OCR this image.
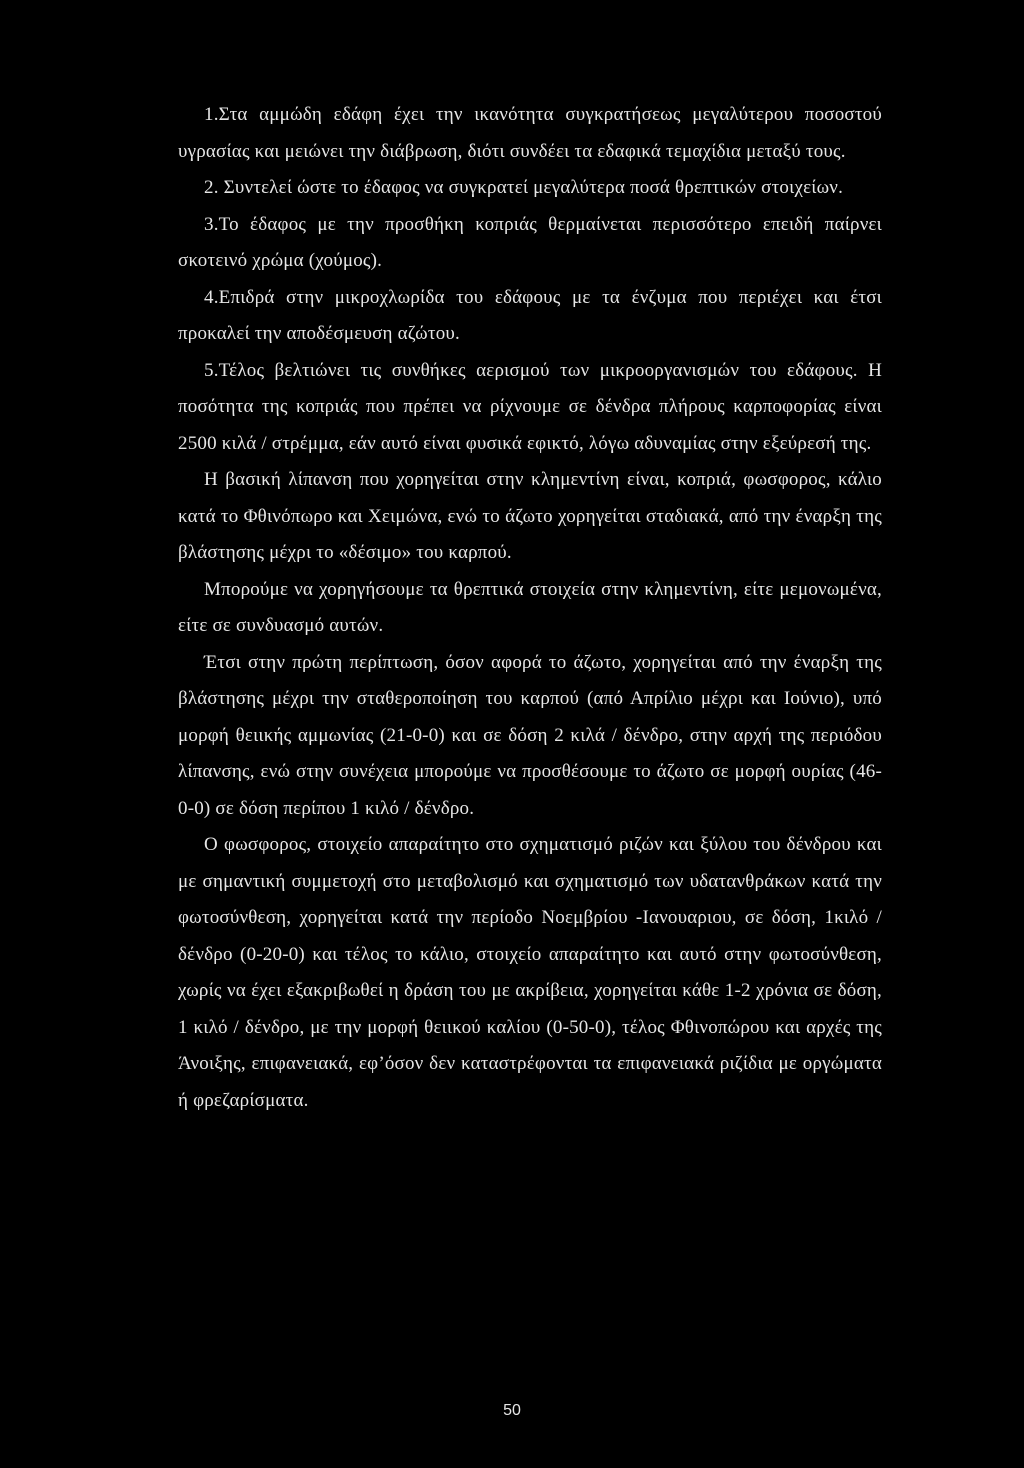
1.Στα αμμώδη εδάφη έχει την ικανότητα συγκρατήσεως μεγαλύτερου ποσοστού υγρασίας και μειώνει την διάβρωση, διότι συνδέει τα εδαφικά τεμαχίδια μεταξύ τους.

2. Συντελεί ώστε το έδαφος να συγκρατεί μεγαλύτερα ποσά θρεπτικών στοιχείων.

3.Το έδαφος με την προσθήκη κοπριάς θερμαίνεται περισσότερο επειδή παίρνει σκοτεινό χρώμα (χούμος).

4.Επιδρά στην μικροχλωρίδα του εδάφους με τα ένζυμα που περιέχει και έτσι προκαλεί την αποδέσμευση αζώτου.

5.Τέλος βελτιώνει τις συνθήκες αερισμού των μικροοργανισμών του εδάφους. Η ποσότητα της κοπριάς που πρέπει να ρίχνουμε σε δένδρα πλήρους καρποφορίας είναι 2500 κιλά / στρέμμα, εάν αυτό είναι φυσικά εφικτό, λόγω αδυναμίας στην εξεύρεσή της.

Η βασική λίπανση που χορηγείται στην κλημεντίνη είναι, κοπριά, φωσφορος, κάλιο κατά το Φθινόπωρο και Χειμώνα, ενώ το άζωτο χορηγείται σταδιακά, από την έναρξη της βλάστησης μέχρι το «δέσιμο» του καρπού.

Μπορούμε να χορηγήσουμε τα θρεπτικά στοιχεία στην κλημεντίνη, είτε μεμονωμένα, είτε σε συνδυασμό αυτών.

Έτσι στην πρώτη περίπτωση, όσον αφορά το άζωτο, χορηγείται από την έναρξη της βλάστησης μέχρι την σταθεροποίηση του καρπού (από Απρίλιο μέχρι και Ιούνιο), υπό μορφή θειικής αμμωνίας (21-0-0) και σε δόση 2 κιλά / δένδρο, στην αρχή της περιόδου λίπανσης, ενώ στην συνέχεια μπορούμε να προσθέσουμε το άζωτο σε μορφή ουρίας (46-0-0) σε δόση περίπου 1 κιλό / δένδρο.

Ο φωσφορος, στοιχείο απαραίτητο στο σχηματισμό ριζών και ξύλου του δένδρου και με σημαντική συμμετοχή στο μεταβολισμό και σχηματισμό των υδατανθράκων κατά την φωτοσύνθεση, χορηγείται κατά την περίοδο Νοεμβρίου -Ιανουαριου, σε δόση, 1κιλό / δένδρο (0-20-0) και τέλος το κάλιο, στοιχείο απαραίτητο και αυτό στην φωτοσύνθεση, χωρίς να έχει εξακριβωθεί η δράση του με ακρίβεια, χορηγείται κάθε 1-2 χρόνια σε δόση, 1 κιλό / δένδρο, με την μορφή θειικού καλίου (0-50-0), τέλος Φθινοπώρου και αρχές της Άνοιξης, επιφανειακά, εφ’όσον δεν καταστρέφονται τα επιφανειακά ριζίδια με οργώματα ή φρεζαρίσματα.

50
